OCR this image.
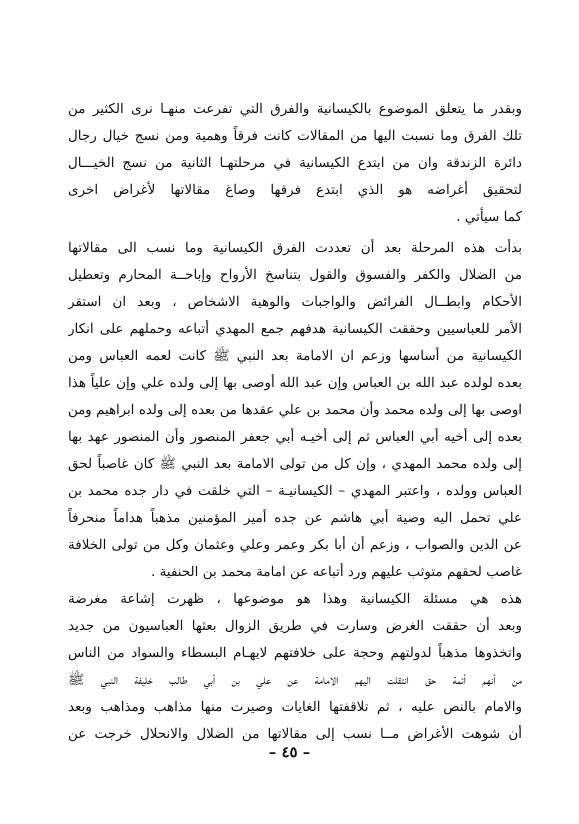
وبقدر ما يتعلق الموضوع بالكيسانية والفرق التي تفرعت منهـا نرى الكثير من
تلك الفرق وما نسبت اليها من المقالات كانت فرقاً وهمية ومن نسج خيال رجال
دائرة الزندقة وان من ابتدع الكيسانية في مرحلتهـا الثانية من نسج الخيـــال
لتحقيق أغراضه هو الذي ابتدع فرقها وصاغ مقالاتها لأغراض اخرى
كما سيأتي .
بدأت هذه المرحلة بعد أن تعددت الفرق الكيسانية وما نسب الى مقالاتها
من الضلال والكفر والفسوق والقول بتناسخ الأرواح وإباحــة المحارم وتعطيل
الأحكام وابطــال الفرائض والواجبات والوهية الاشخاص ، وبعد ان استقر
الأمر للعباسيين وحققت الكيسانية هدفهم جمع المهدي أتباعه وحملهم على انكار
الكيسانية من أساسها وزعم ان الامامة بعد النبي ﷺ كانت لعمه العباس ومن
بعده لولده عبد الله بن العباس وإن عبد الله أوصى بها إلى ولده علي وإن علياً هذا
اوصى بها إلى ولده محمد وأن محمد بن علي عقدها من بعده إلى ولده ابراهيم ومن
بعده إلى أخيه أبي العباس ثم إلى أخيـه أبي جعفر المنصور وأن المنصور عهد بها
إلى ولده محمد المهدي ، وإن كل من تولى الامامة بعد النبي ﷺ كان غاصباً لحق
العباس وولده ، واعتبر المهدي – الكيسانيـة – التي خلقت في دار جده محمد بن
علي تحمل اليه وصية أبي هاشم عن جده أمير المؤمنين مذهباً هداماً منحرفاً
عن الدين والصواب ، وزعم أن أبا بكر وعمر وعلي وعثمان وكل من تولى الخلافة
غاصب لحقهم متوثب عليهم ورد أتباعه عن امامة محمد بن الحنفية .
هذه هي مسئلة الكيسانية وهذا هو موضوعها ، ظهرت إشاعة مغرضة
وبعد أن حققت الغرض وسارت في طريق الزوال بعثها العباسيون من جديد
واتخذوها مذهباً لدولتهم وحجة على خلافتهم لايهـام البسطاء والسواد من الناس
من أنهم أئمة حق انتقلت اليهم الامامة عن علي بن أبي طالب خليفة النبي ﷺ
والامام بالنص عليه ، ثم تلاقفتها الغايات وصيرت منها مذاهب ومذاهب وبعد
أن شوهت الأغراض مــا نسب إلى مقالاتها من الضلال والانحلال خرجت عن
– ٤٥ –
